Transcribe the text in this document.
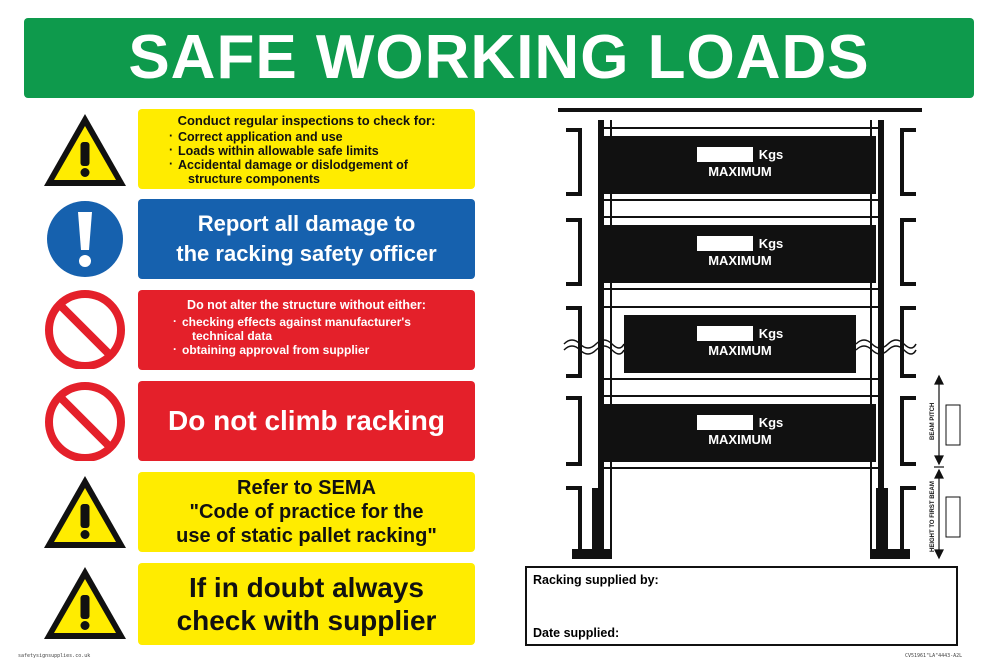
SAFE WORKING LOADS
Conduct regular inspections to check for:
· Correct application and use
· Loads within allowable safe limits
· Accidental damage or dislodgement of
structure components
Report all damage to
the racking safety officer
Do not alter the structure without either:
· checking effects against manufacturer's
technical data
· obtaining approval from supplier
Do not climb racking
Refer to SEMA
"Code of practice for the
use of static pallet racking"
If in doubt always
check with supplier
Kgs
MAXIMUM
Kgs
MAXIMUM
Kgs
MAXIMUM
Kgs
MAXIMUM	BEAM PITCH
HEIGHT TO FIRST BEAM
Racking supplied by:
Date supplied:
safetysignsupplies.co.uk	CV51961"LA"4443-A2L
